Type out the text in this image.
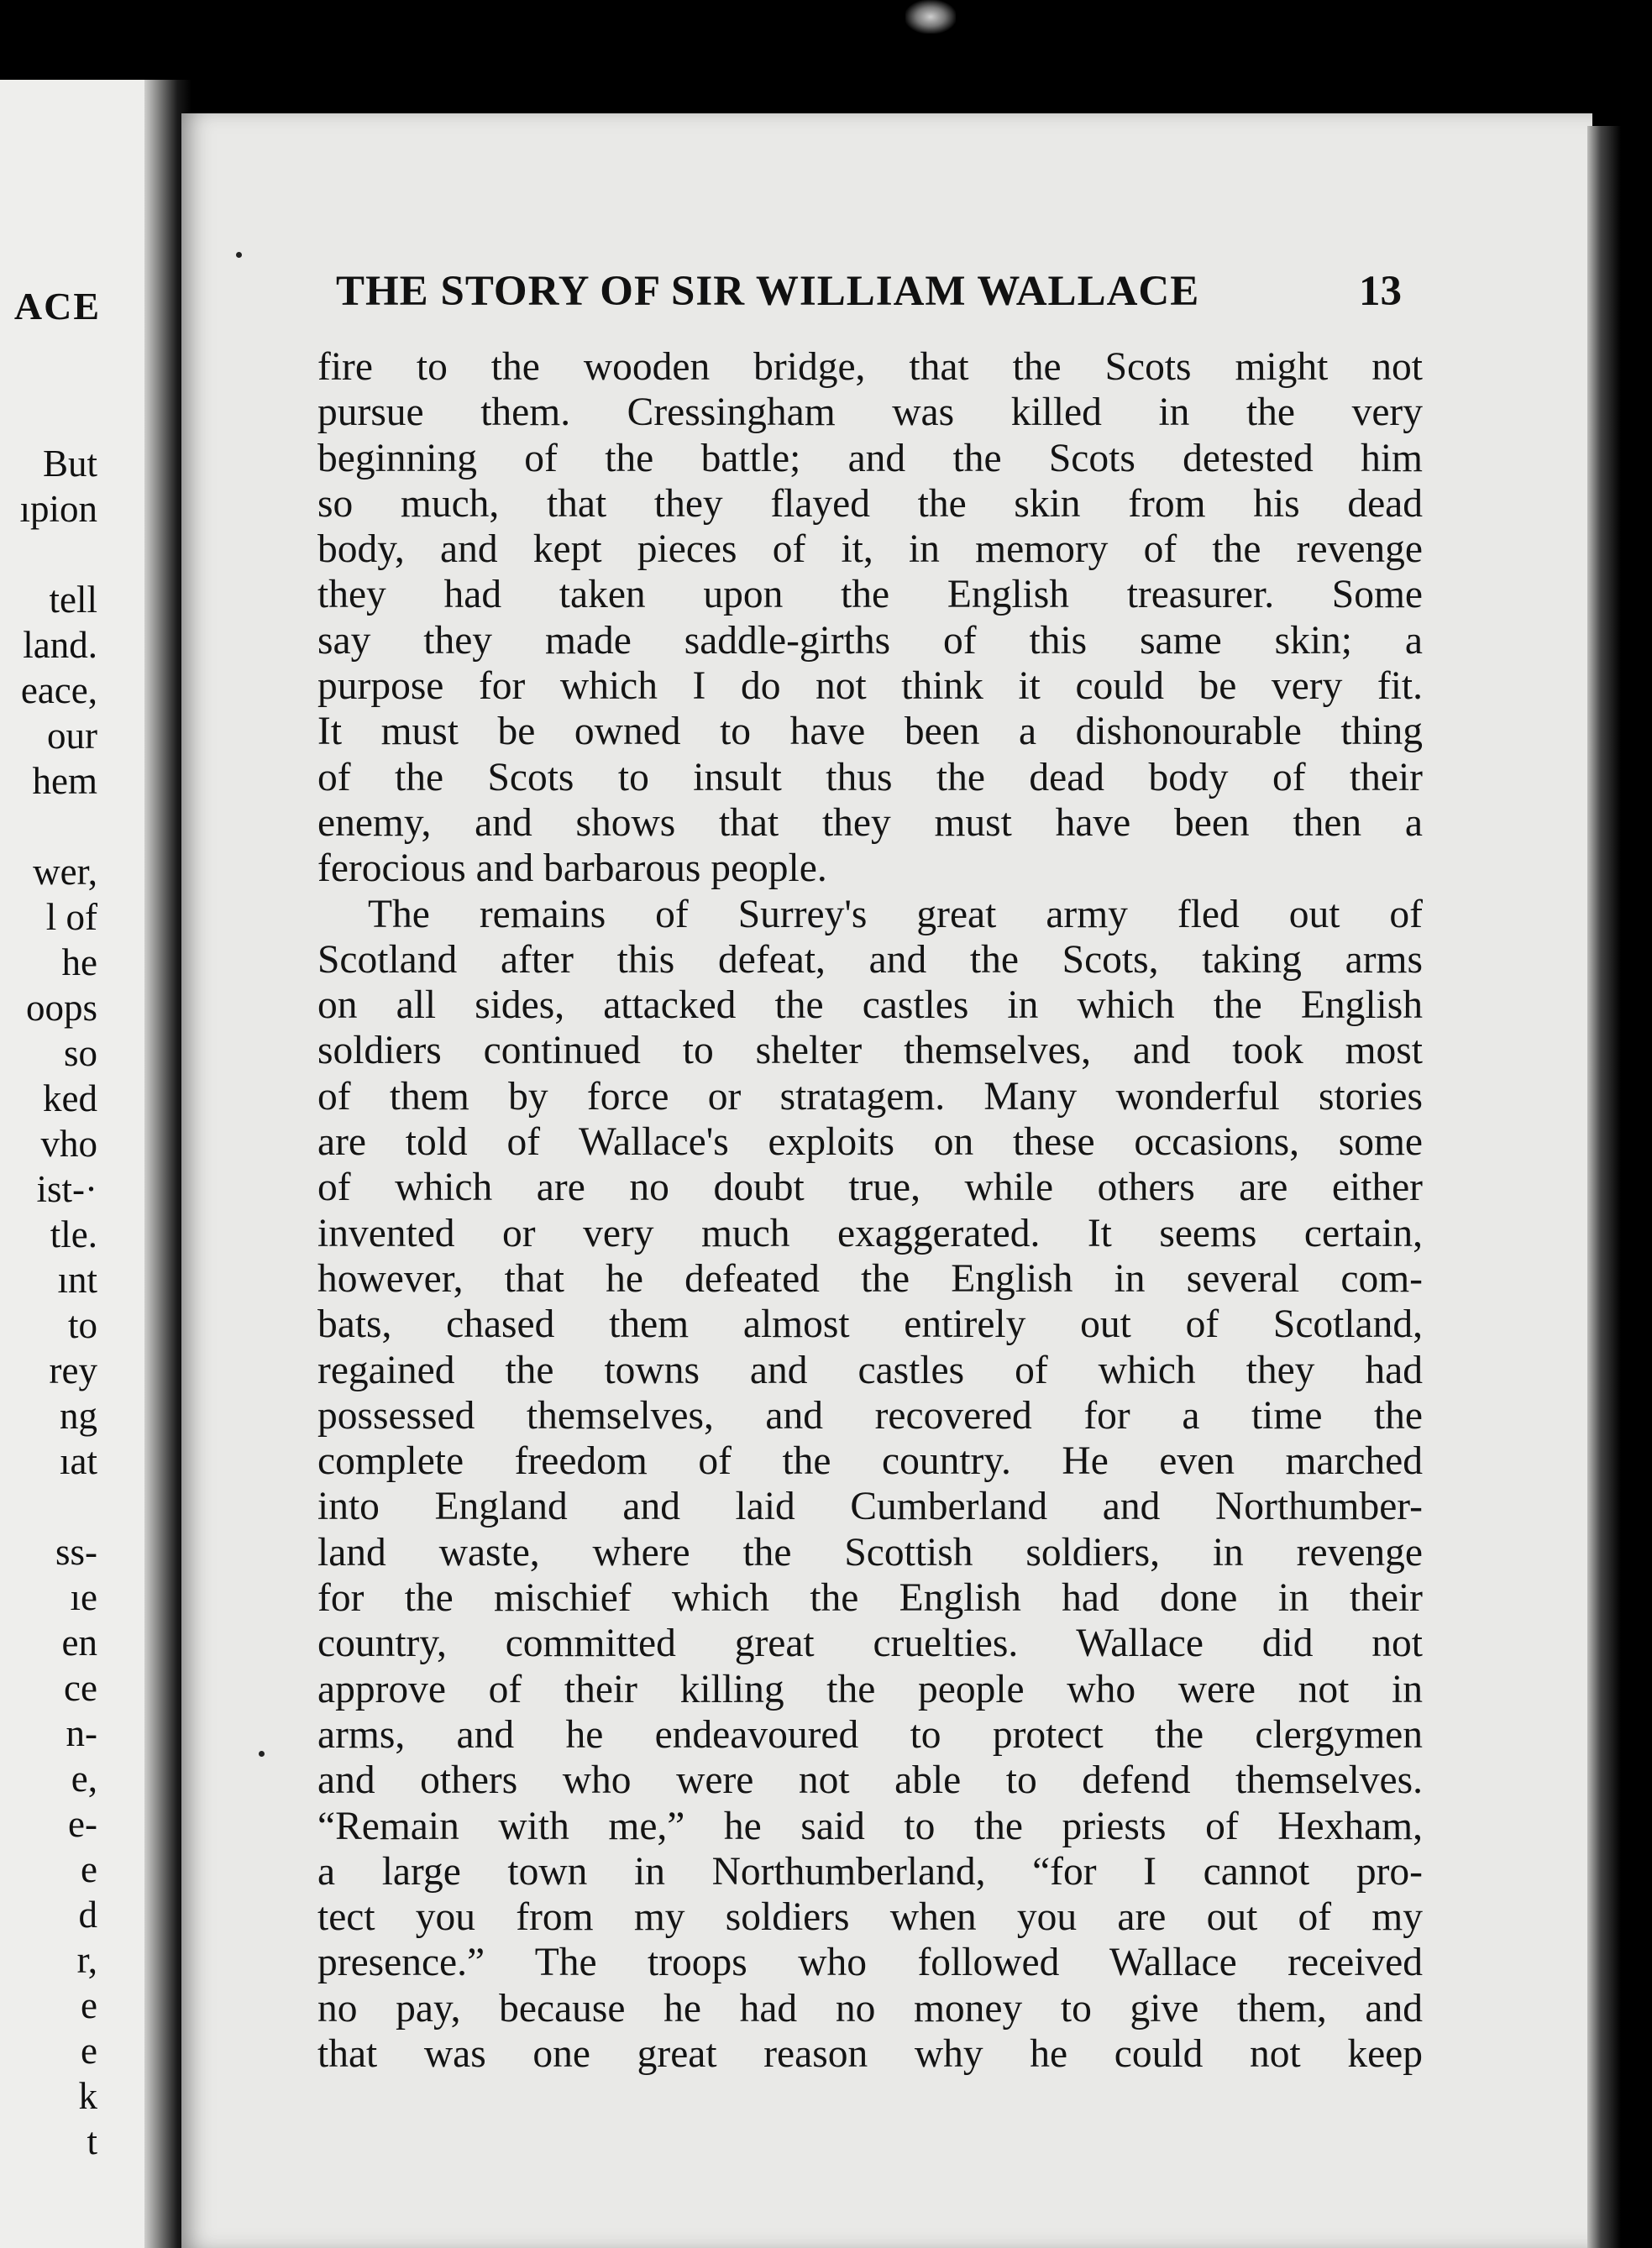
ACE
But
ıpion

tell
land.
eace,
our
hem

wer,
l of
he
oops
so
ked
vho
ist-·
tle.
ınt
to
rey
ng
ıat

ss-
ıe
en
ce
n-
e,
e-
e
d
r,
e
e
k
t
THE STORY OF SIR WILLIAM WALLACE	13
fire to the wooden bridge, that the Scots might not
pursue them. Cressingham was killed in the very
beginning of the battle; and the Scots detested him
so much, that they flayed the skin from his dead
body, and kept pieces of it, in memory of the revenge
they had taken upon the English treasurer. Some
say they made saddle-girths of this same skin; a
purpose for which I do not think it could be very fit.
It must be owned to have been a dishonourable thing
of the Scots to insult thus the dead body of their
enemy, and shows that they must have been then a
ferocious and barbarous people.
The remains of Surrey's great army fled out of
Scotland after this defeat, and the Scots, taking arms
on all sides, attacked the castles in which the English
soldiers continued to shelter themselves, and took most
of them by force or stratagem. Many wonderful stories
are told of Wallace's exploits on these occasions, some
of which are no doubt true, while others are either
invented or very much exaggerated. It seems certain,
however, that he defeated the English in several com-
bats, chased them almost entirely out of Scotland,
regained the towns and castles of which they had
possessed themselves, and recovered for a time the
complete freedom of the country. He even marched
into England and laid Cumberland and Northumber-
land waste, where the Scottish soldiers, in revenge
for the mischief which the English had done in their
country, committed great cruelties. Wallace did not
approve of their killing the people who were not in
arms, and he endeavoured to protect the clergymen
and others who were not able to defend themselves.
“Remain with me,” he said to the priests of Hexham,
a large town in Northumberland, “for I cannot pro-
tect you from my soldiers when you are out of my
presence.” The troops who followed Wallace received
no pay, because he had no money to give them, and
that was one great reason why he could not keep
